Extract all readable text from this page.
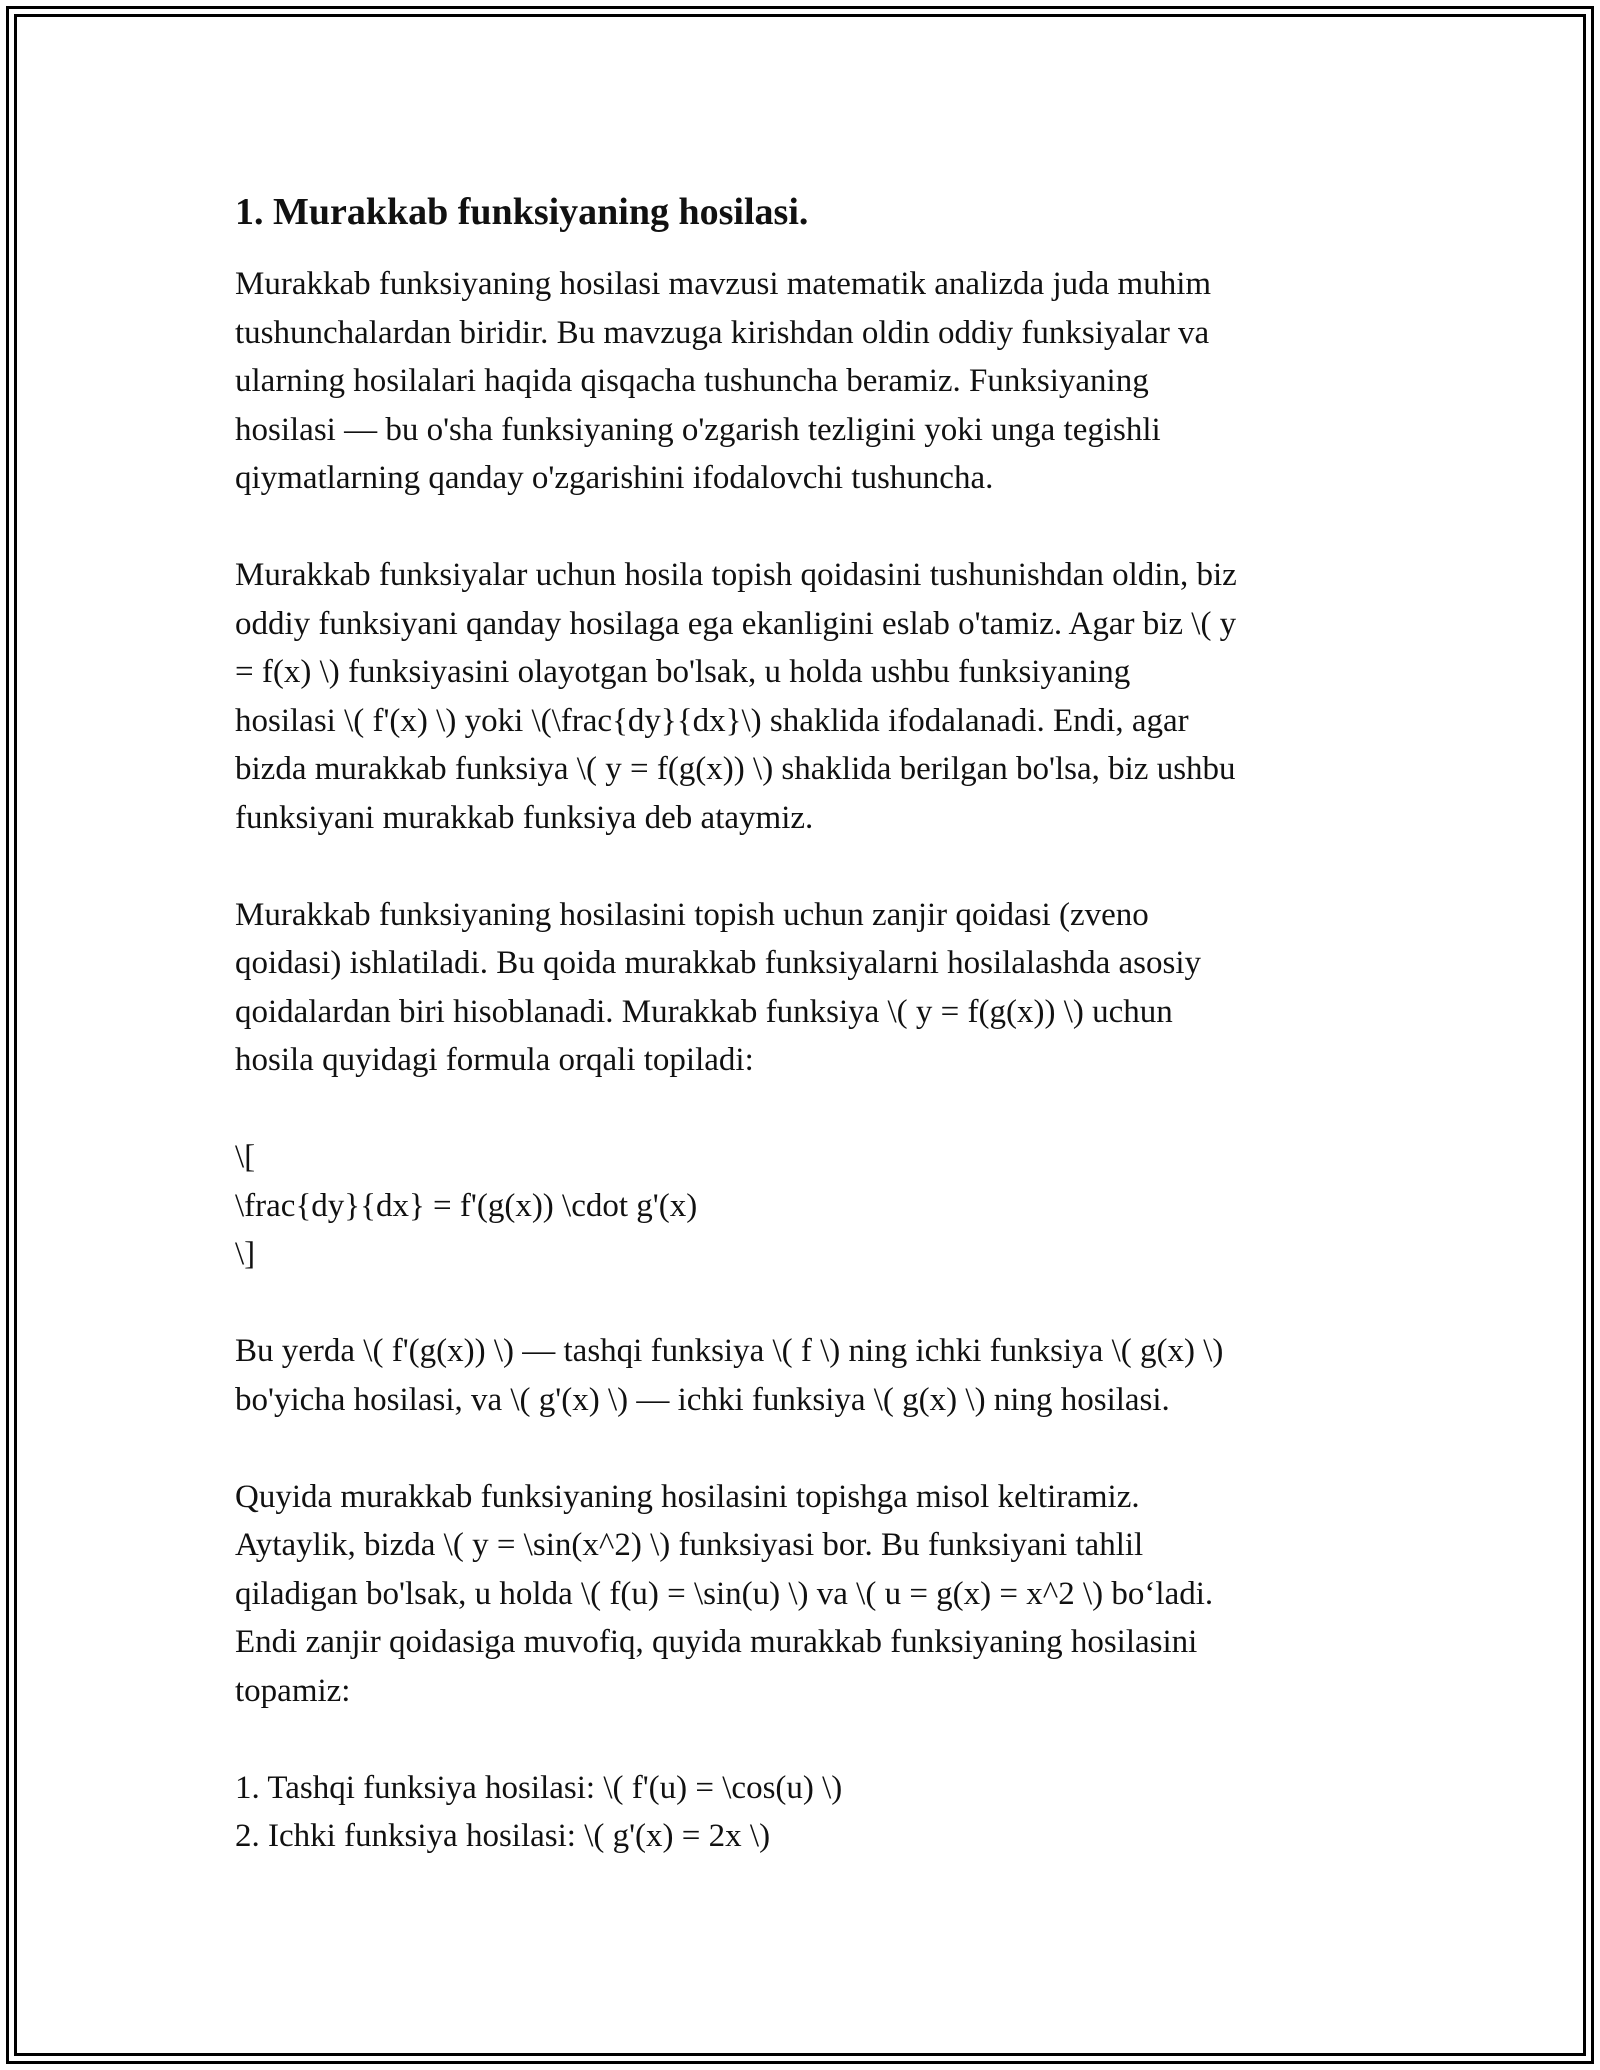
1. Murakkab funksiyaning hosilasi.

Murakkab funksiyaning hosilasi mavzusi matematik analizda juda muhim
tushunchalardan biridir. Bu mavzuga kirishdan oldin oddiy funksiyalar va
ularning hosilalari haqida qisqacha tushuncha beramiz. Funksiyaning
hosilasi — bu o'sha funksiyaning o'zgarish tezligini yoki unga tegishli
qiymatlarning qanday o'zgarishini ifodalovchi tushuncha.

Murakkab funksiyalar uchun hosila topish qoidasini tushunishdan oldin, biz
oddiy funksiyani qanday hosilaga ega ekanligini eslab o'tamiz. Agar biz \( y
= f(x) \) funksiyasini olayotgan bo'lsak, u holda ushbu funksiyaning
hosilasi \( f'(x) \) yoki \(\frac{dy}{dx}\) shaklida ifodalanadi. Endi, agar
bizda murakkab funksiya \( y = f(g(x)) \) shaklida berilgan bo'lsa, biz ushbu
funksiyani murakkab funksiya deb ataymiz.

Murakkab funksiyaning hosilasini topish uchun zanjir qoidasi (zveno
qoidasi) ishlatiladi. Bu qoida murakkab funksiyalarni hosilalashda asosiy
qoidalardan biri hisoblanadi. Murakkab funksiya \( y = f(g(x)) \) uchun
hosila quyidagi formula orqali topiladi:

\[
\frac{dy}{dx} = f'(g(x)) \cdot g'(x)
\]

Bu yerda \( f'(g(x)) \) — tashqi funksiya \( f \) ning ichki funksiya \( g(x) \)
bo'yicha hosilasi, va \( g'(x) \) — ichki funksiya \( g(x) \) ning hosilasi.

Quyida murakkab funksiyaning hosilasini topishga misol keltiramiz.
Aytaylik, bizda \( y = \sin(x^2) \) funksiyasi bor. Bu funksiyani tahlil
qiladigan bo'lsak, u holda \( f(u) = \sin(u) \) va \( u = g(x) = x^2 \) bo‘ladi.
Endi zanjir qoidasiga muvofiq, quyida murakkab funksiyaning hosilasini
topamiz:

1. Tashqi funksiya hosilasi: \( f'(u) = \cos(u) \)
2. Ichki funksiya hosilasi: \( g'(x) = 2x \)
